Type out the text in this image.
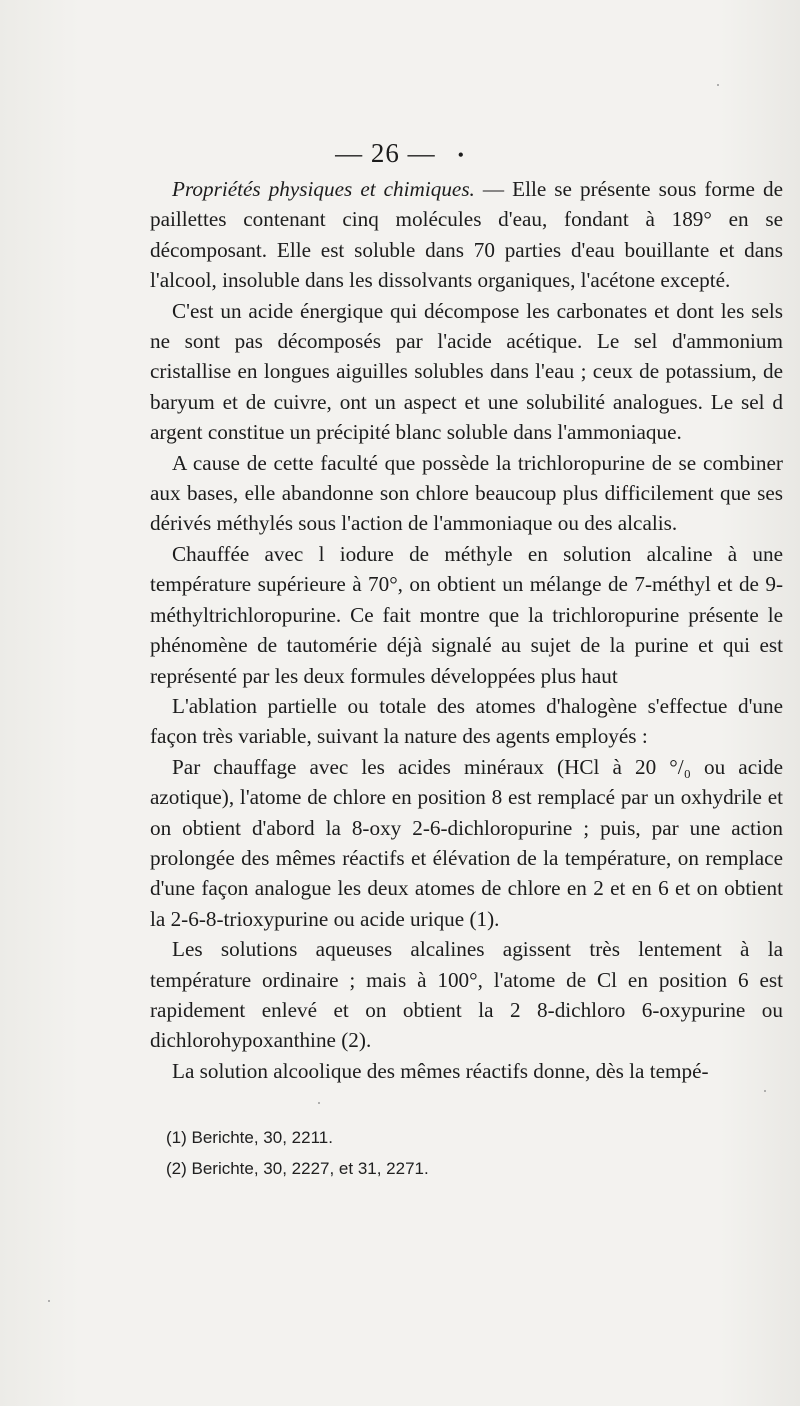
— 26 — •

Propriétés physiques et chimiques. — Elle se présente sous forme de paillettes contenant cinq molécules d'eau, fondant à 189° en se décomposant. Elle est soluble dans 70 parties d'eau bouillante et dans l'alcool, insoluble dans les dissolvants organiques, l'acétone excepté.

C'est un acide énergique qui décompose les carbonates et dont les sels ne sont pas décomposés par l'acide acétique. Le sel d'ammonium cristallise en longues aiguilles solubles dans l'eau ; ceux de potassium, de baryum et de cuivre, ont un aspect et une solubilité analogues. Le sel d argent constitue un précipité blanc soluble dans l'ammoniaque.

A cause de cette faculté que possède la trichloropurine de se combiner aux bases, elle abandonne son chlore beaucoup plus difficilement que ses dérivés méthylés sous l'action de l'ammoniaque ou des alcalis.

Chauffée avec l iodure de méthyle en solution alcaline à une température supérieure à 70°, on obtient un mélange de 7-méthyl et de 9-méthyltrichloropurine. Ce fait montre que la trichloropurine présente le phénomène de tautomérie déjà signalé au sujet de la purine et qui est représenté par les deux formules développées plus haut

L'ablation partielle ou totale des atomes d'halogène s'effectue d'une façon très variable, suivant la nature des agents employés :

Par chauffage avec les acides minéraux (HCl à 20 °/₀ ou acide azotique), l'atome de chlore en position 8 est remplacé par un oxhydrile et on obtient d'abord la 8-oxy 2-6-dichloropurine ; puis, par une action prolongée des mêmes réactifs et élévation de la température, on remplace d'une façon analogue les deux atomes de chlore en 2 et en 6 et on obtient la 2-6-8-trioxypurine ou acide urique (1).

Les solutions aqueuses alcalines agissent très lentement à la température ordinaire ; mais à 100°, l'atome de Cl en position 6 est rapidement enlevé et on obtient la 2 8-dichloro 6-oxypurine ou dichlorohypoxanthine (2).

La solution alcoolique des mêmes réactifs donne, dès la tempé-

(1) Berichte, 30, 2211.
(2) Berichte, 30, 2227, et 31, 2271.
